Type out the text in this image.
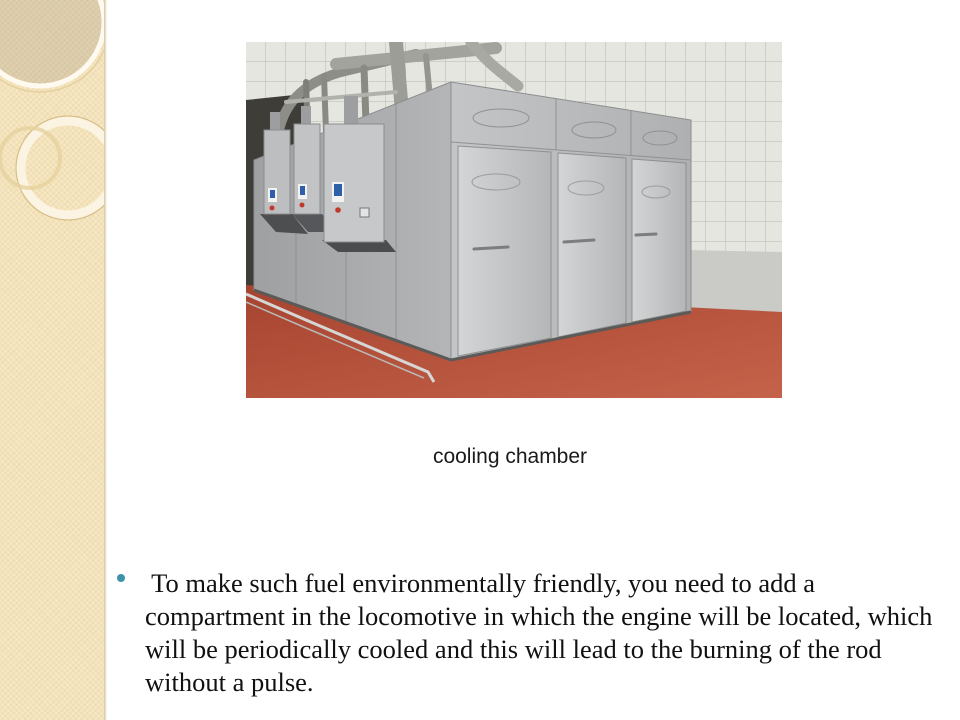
cooling chamber
To make such fuel environmentally friendly, you need to add a
compartment in the locomotive in which the engine will be located, which
will be periodically cooled and this will lead to the burning of the rod
without a pulse.
